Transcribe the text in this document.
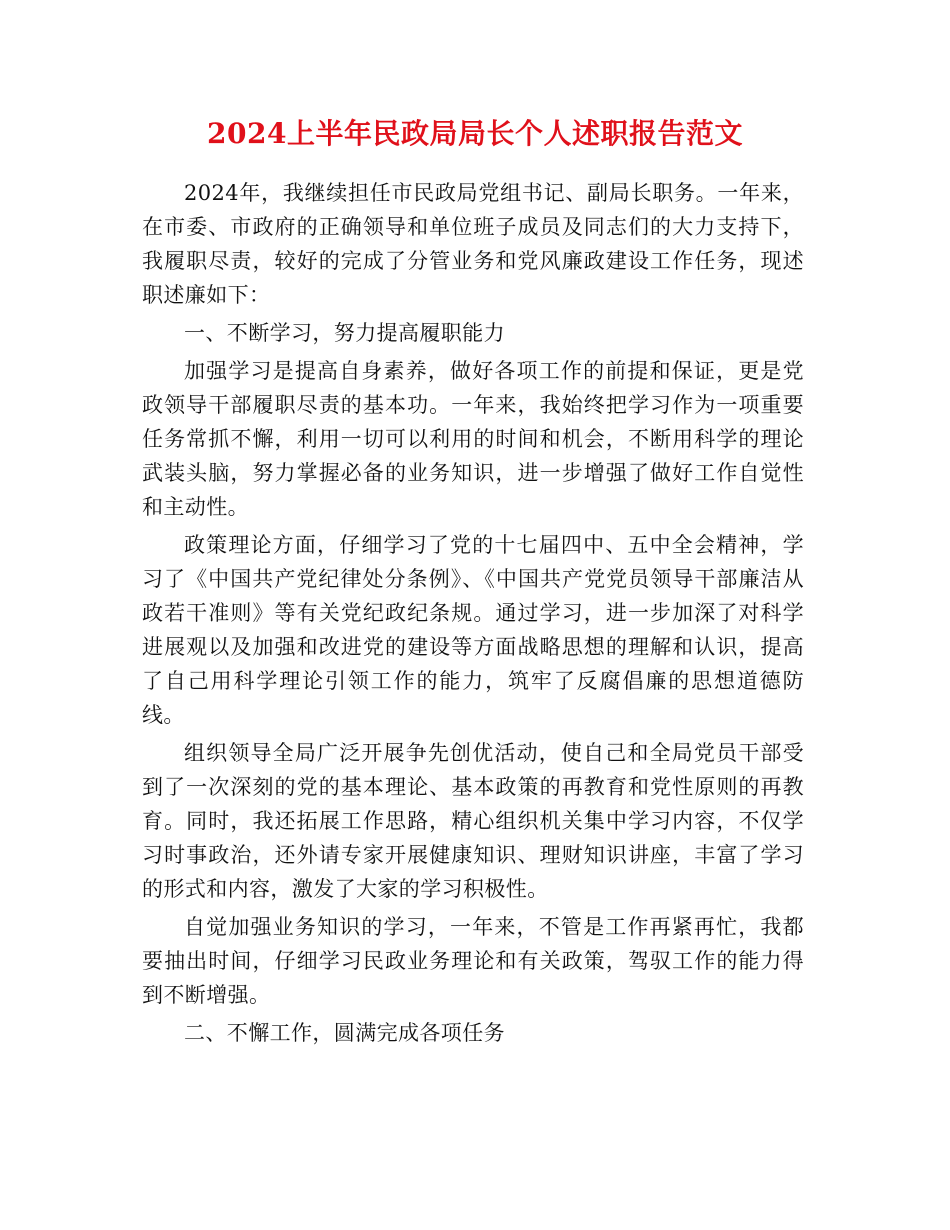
2024上半年民政局局长个人述职报告范文

2024年，我继续担任市民政局党组书记、副局长职务。一年来，在市委、市政府的正确领导和单位班子成员及同志们的大力支持下，我履职尽责，较好的完成了分管业务和党风廉政建设工作任务，现述职述廉如下：

一、不断学习，努力提高履职能力

加强学习是提高自身素养，做好各项工作的前提和保证，更是党政领导干部履职尽责的基本功。一年来，我始终把学习作为一项重要任务常抓不懈，利用一切可以利用的时间和机会，不断用科学的理论武装头脑，努力掌握必备的业务知识，进一步增强了做好工作自觉性和主动性。

政策理论方面，仔细学习了党的十七届四中、五中全会精神，学习了《中国共产党纪律处分条例》、《中国共产党党员领导干部廉洁从政若干准则》等有关党纪政纪条规。通过学习，进一步加深了对科学进展观以及加强和改进党的建设等方面战略思想的理解和认识，提高了自己用科学理论引领工作的能力，筑牢了反腐倡廉的思想道德防线。

组织领导全局广泛开展争先创优活动，使自己和全局党员干部受到了一次深刻的党的基本理论、基本政策的再教育和党性原则的再教育。同时，我还拓展工作思路，精心组织机关集中学习内容，不仅学习时事政治，还外请专家开展健康知识、理财知识讲座，丰富了学习的形式和内容，激发了大家的学习积极性。

自觉加强业务知识的学习，一年来，不管是工作再紧再忙，我都要抽出时间，仔细学习民政业务理论和有关政策，驾驭工作的能力得到不断增强。

二、不懈工作，圆满完成各项任务
